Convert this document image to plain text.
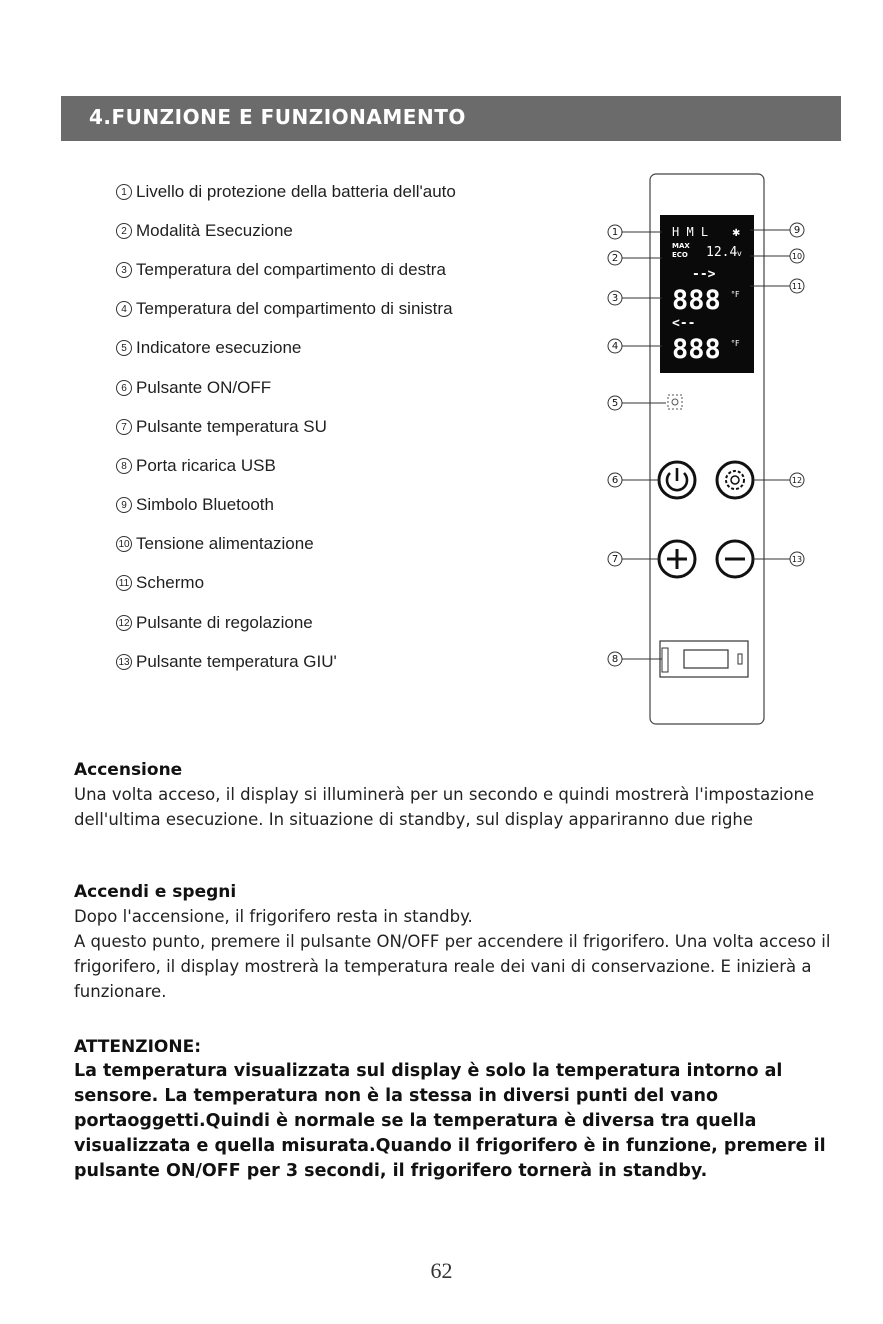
4.FUNZIONE E FUNZIONAMENTO
1 Livello di protezione della batteria dell'auto
2 Modalità Esecuzione
3 Temperatura del compartimento di destra
4 Temperatura del compartimento di sinistra
5 Indicatore esecuzione
6 Pulsante ON/OFF
7 Pulsante temperatura SU
8 Porta ricarica USB
9 Simbolo Bluetooth
10 Tensione alimentazione
11 Schermo
12 Pulsante di regolazione
13 Pulsante temperatura GIU'
H M L ✱
MAX
ECO 12.4 v
-->
888 °F
<--
888 °F
1
2
3
4
5
6
7
8
9
10
11
12
13
Accensione

Una volta acceso, il display si illuminerà per un secondo e quindi mostrerà l'impostazione dell'ultima esecuzione. In situazione di standby, sul display appariranno due righe

Accendi e spegni

Dopo l'accensione, il frigorifero resta in standby.

A questo punto, premere il pulsante ON/OFF per accendere il frigorifero. Una volta acceso il frigorifero, il display mostrerà la temperatura reale dei vani di conservazione. E inizierà a funzionare.

ATTENZIONE:

La temperatura visualizzata sul display è solo la temperatura intorno al sensore. La temperatura non è la stessa in diversi punti del vano portaoggetti.Quindi è normale se la temperatura è diversa tra quella visualizzata e quella misurata.Quando il frigorifero è in funzione, premere il pulsante ON/OFF per 3 secondi, il frigorifero tornerà in standby.

62
